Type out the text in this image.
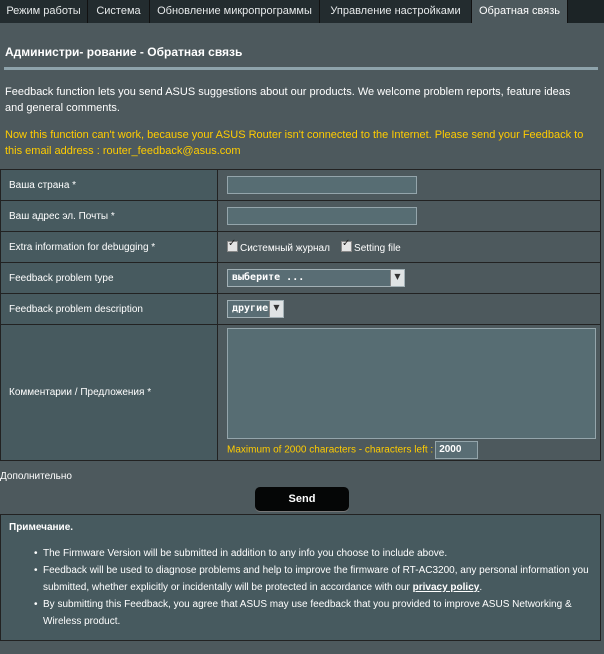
Режим работы	Система	Обновление микропрограммы	Управление настройками	Обратная связь
Администри- рование - Обратная связь
Feedback function lets you send ASUS suggestions about our products. We welcome problem reports, feature ideas and general comments.
Now this function can't work, because your ASUS Router isn't connected to the Internet. Please send your Feedback to this email address : router_feedback@asus.com
Ваша страна *	
Ваш адрес эл. Почты *	
Extra information for debugging *	✓Системный журнал ✓ Setting file
Feedback problem type	выберите ... ▼

Feedback problem description	другие ▼

Комментарии / Предложения *	Maximum of 2000 characters - characters left : 2000
Дополнительно
Send
Примечание.
• The Firmware Version will be submitted in addition to any info you choose to include above.
• Feedback will be used to diagnose problems and help to improve the firmware of RT-AC3200, any personal information you submitted, whether explicitly or incidentally will be protected in accordance with our privacy policy.
• By submitting this Feedback, you agree that ASUS may use feedback that you provided to improve ASUS Networking & Wireless product.
